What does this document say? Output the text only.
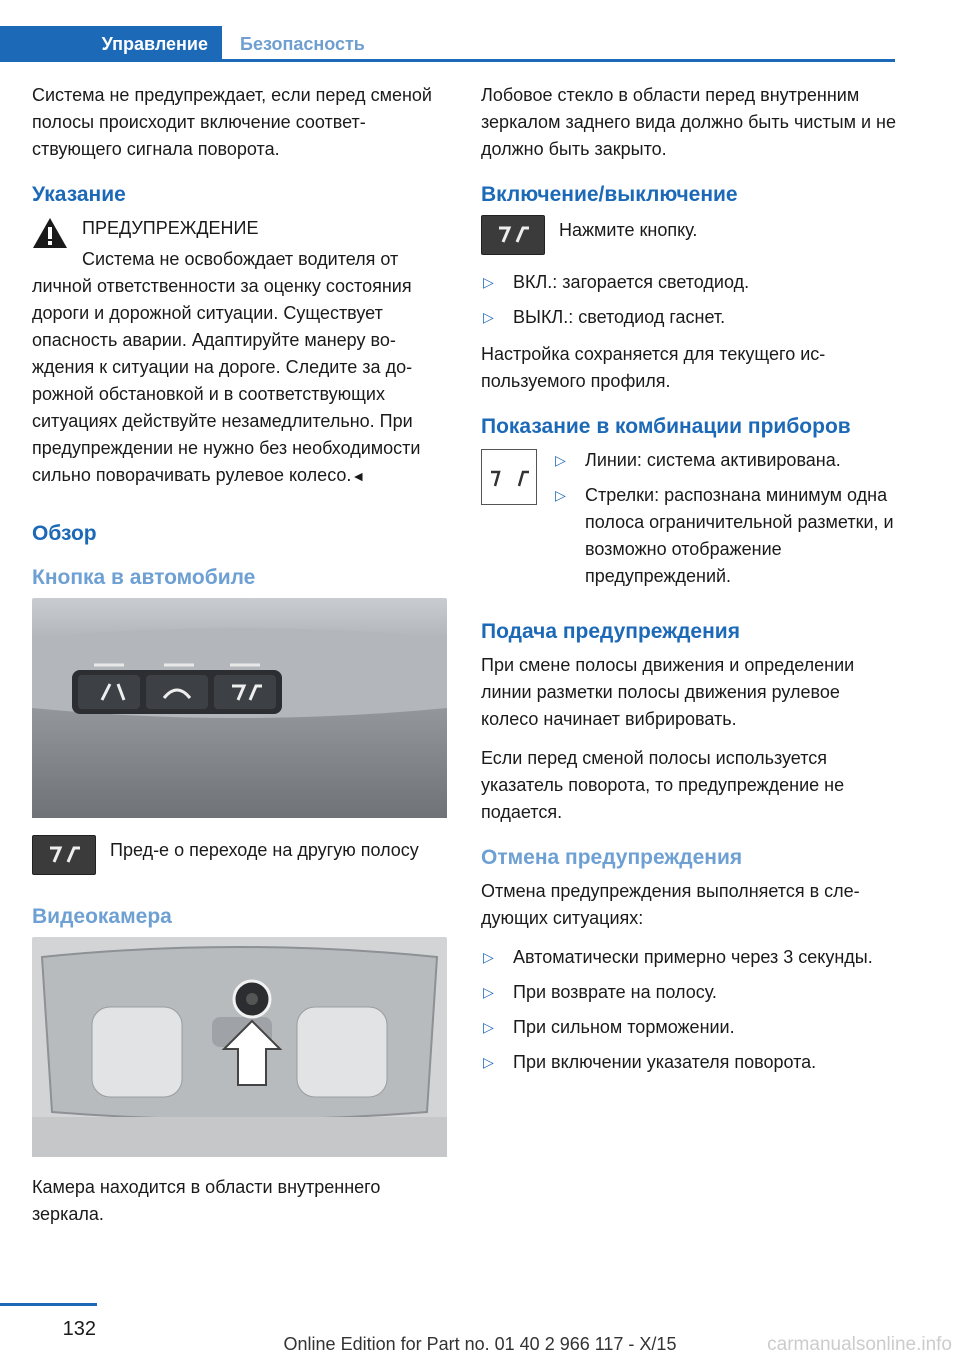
Управление	Безопасность

Система не предупреждает, если перед сменой полосы происходит включение соответствующего сигнала поворота.

Указание

ПРЕДУПРЕЖДЕНИЕ

Система не освобождает водителя от личной ответственности за оценку состояния дороги и дорожной ситуации. Существует опасность аварии. Адаптируйте манеру вождения к ситуации на дороге. Следите за дорожной обстановкой и в соответствующих ситуациях действуйте незамедлительно. При предупреждении не нужно без необходимости сильно поворачивать рулевое колесо.◄

Обзор
Кнопка в автомобиле

Пред-е о переходе на другую полосу

Видеокамера

Камера находится в области внутреннего зеркала.

Лобовое стекло в области перед внутренним зеркалом заднего вида должно быть чистым и не должно быть закрыто.

Включение/выключение

Нажмите кнопку.

▷ ВКЛ.: загорается светодиод.
▷ ВЫКЛ.: светодиод гаснет.

Настройка сохраняется для текущего используемого профиля.

Показание в комбинации приборов
▷ Линии: система активирована.
▷ Стрелки: распознана минимум одна полоса ограничительной разметки, и возможно отображение предупреждений.
Подача предупреждения

При смене полосы движения и определении линии разметки полосы движения рулевое колесо начинает вибрировать.

Если перед сменой полосы используется указатель поворота, то предупреждение не подается.

Отмена предупреждения

Отмена предупреждения выполняется в следующих ситуациях:

▷ Автоматически примерно через 3 секунды.
▷ При возврате на полосу.
▷ При сильном торможении.
▷ При включении указателя поворота.
132
Online Edition for Part no. 01 40 2 966 117 - X/15	carmanualsonline.info
